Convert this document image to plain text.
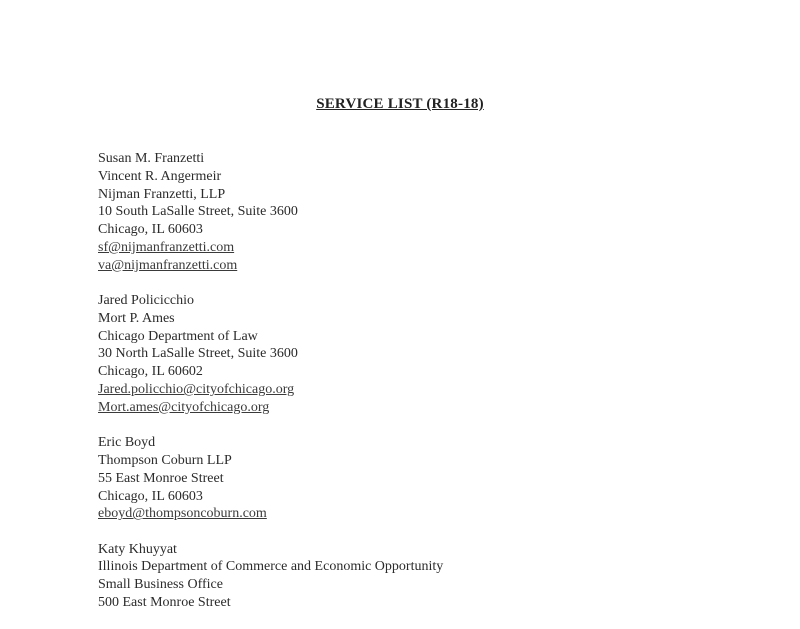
SERVICE LIST (R18-18)
Susan M. Franzetti
Vincent R. Angermeir
Nijman Franzetti, LLP
10 South LaSalle Street, Suite 3600
Chicago, IL 60603
sf@nijmanfranzetti.com
va@nijmanfranzetti.com
Jared Policicchio
Mort P. Ames
Chicago Department of Law
30 North LaSalle Street, Suite 3600
Chicago, IL 60602
Jared.policchio@cityofchicago.org
Mort.ames@cityofchicago.org
Eric Boyd
Thompson Coburn LLP
55 East Monroe Street
Chicago, IL 60603
eboyd@thompsoncoburn.com
Katy Khuyyat
Illinois Department of Commerce and Economic Opportunity
Small Business Office
500 East Monroe Street
